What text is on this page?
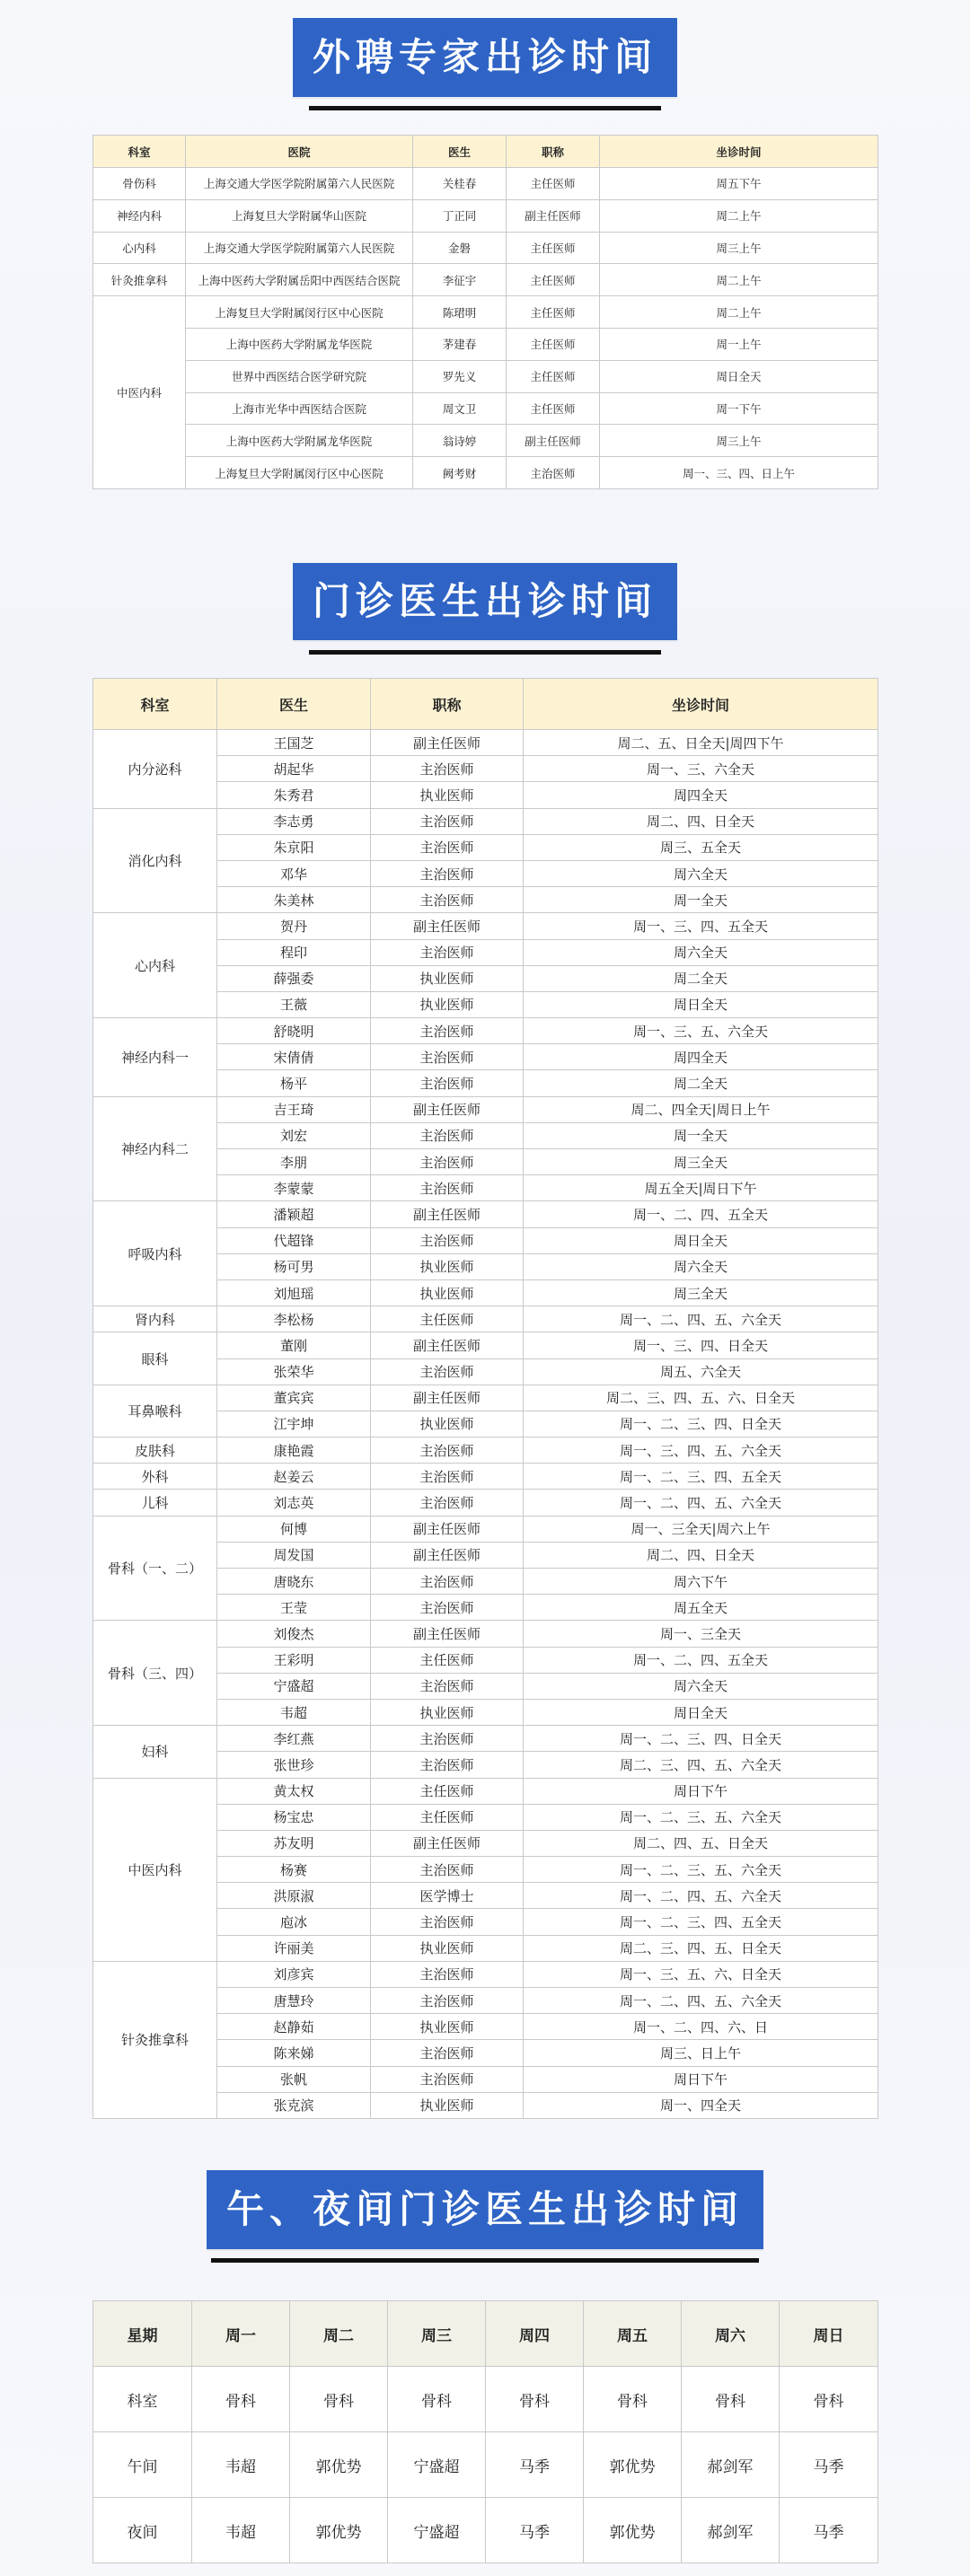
外聘专家出诊时间
科室	医院	医生	职称	坐诊时间
骨伤科	上海交通大学医学院附属第六人民医院	关桂春	主任医师	周五下午
神经内科	上海复旦大学附属华山医院	丁正同	副主任医师	周二上午
心内科	上海交通大学医学院附属第六人民医院	金磐	主任医师	周三上午
针灸推拿科	上海中医药大学附属岳阳中西医结合医院	李征宇	主任医师	周二上午
中医内科	上海复旦大学附属闵行区中心医院	陈珺明	主任医师	周二上午
	上海中医药大学附属龙华医院	茅建春	主任医师	周一上午
	世界中西医结合医学研究院	罗先义	主任医师	周日全天
	上海市光华中西医结合医院	周文卫	主任医师	周一下午
	上海中医药大学附属龙华医院	翁诗婷	副主任医师	周三上午
	上海复旦大学附属闵行区中心医院	阙考财	主治医师	周一、三、四、日上午
门诊医生出诊时间
科室	医生	职称	坐诊时间
内分泌科	王国芝	副主任医师	周二、五、日全天|周四下午
	胡起华	主治医师	周一、三、六全天
	朱秀君	执业医师	周四全天
消化内科	李志勇	主治医师	周二、四、日全天
	朱京阳	主治医师	周三、五全天
	邓华	主治医师	周六全天
	朱美林	主治医师	周一全天
心内科	贺丹	副主任医师	周一、三、四、五全天
	程印	主治医师	周六全天
	薛强委	执业医师	周二全天
	王薇	执业医师	周日全天
神经内科一	舒晓明	主治医师	周一、三、五、六全天
	宋倩倩	主治医师	周四全天
	杨平	主治医师	周二全天
神经内科二	吉王琦	副主任医师	周二、四全天|周日上午
	刘宏	主治医师	周一全天
	李朋	主治医师	周三全天
	李蒙蒙	主治医师	周五全天|周日下午
呼吸内科	潘颖超	副主任医师	周一、二、四、五全天
	代超锋	主治医师	周日全天
	杨可男	执业医师	周六全天
	刘旭瑶	执业医师	周三全天
肾内科	李松杨	主任医师	周一、二、四、五、六全天
眼科	董刚	副主任医师	周一、三、四、日全天
	张荣华	主治医师	周五、六全天
耳鼻喉科	董宾宾	副主任医师	周二、三、四、五、六、日全天
	江宇坤	执业医师	周一、二、三、四、日全天
皮肤科	康艳霞	主治医师	周一、三、四、五、六全天
外科	赵姜云	主治医师	周一、二、三、四、五全天
儿科	刘志英	主治医师	周一、二、四、五、六全天
骨科（一、二）	何博	副主任医师	周一、三全天|周六上午
	周发国	副主任医师	周二、四、日全天
	唐晓东	主治医师	周六下午
	王莹	主治医师	周五全天
骨科（三、四）	刘俊杰	副主任医师	周一、三全天
	王彩明	主任医师	周一、二、四、五全天
	宁盛超	主治医师	周六全天
	韦超	执业医师	周日全天
妇科	李红燕	主治医师	周一、二、三、四、日全天
	张世珍	主治医师	周二、三、四、五、六全天
中医内科	黄太权	主任医师	周日下午
	杨宝忠	主任医师	周一、二、三、五、六全天
	苏友明	副主任医师	周二、四、五、日全天
	杨赛	主治医师	周一、二、三、五、六全天
	洪原淑	医学博士	周一、二、四、五、六全天
	庖冰	主治医师	周一、二、三、四、五全天
	许丽美	执业医师	周二、三、四、五、日全天
针灸推拿科	刘彦宾	主治医师	周一、三、五、六、日全天
	唐慧玲	主治医师	周一、二、四、五、六全天
	赵静茹	执业医师	周一、二、四、六、日
	陈来娣	主治医师	周三、日上午
	张帆	主治医师	周日下午
	张克滨	执业医师	周一、四全天
午、夜间门诊医生出诊时间
星期	周一	周二	周三	周四	周五	周六	周日
科室	骨科	骨科	骨科	骨科	骨科	骨科	骨科
午间	韦超	郭优势	宁盛超	马季	郭优势	郝剑军	马季
夜间	韦超	郭优势	宁盛超	马季	郭优势	郝剑军	马季
